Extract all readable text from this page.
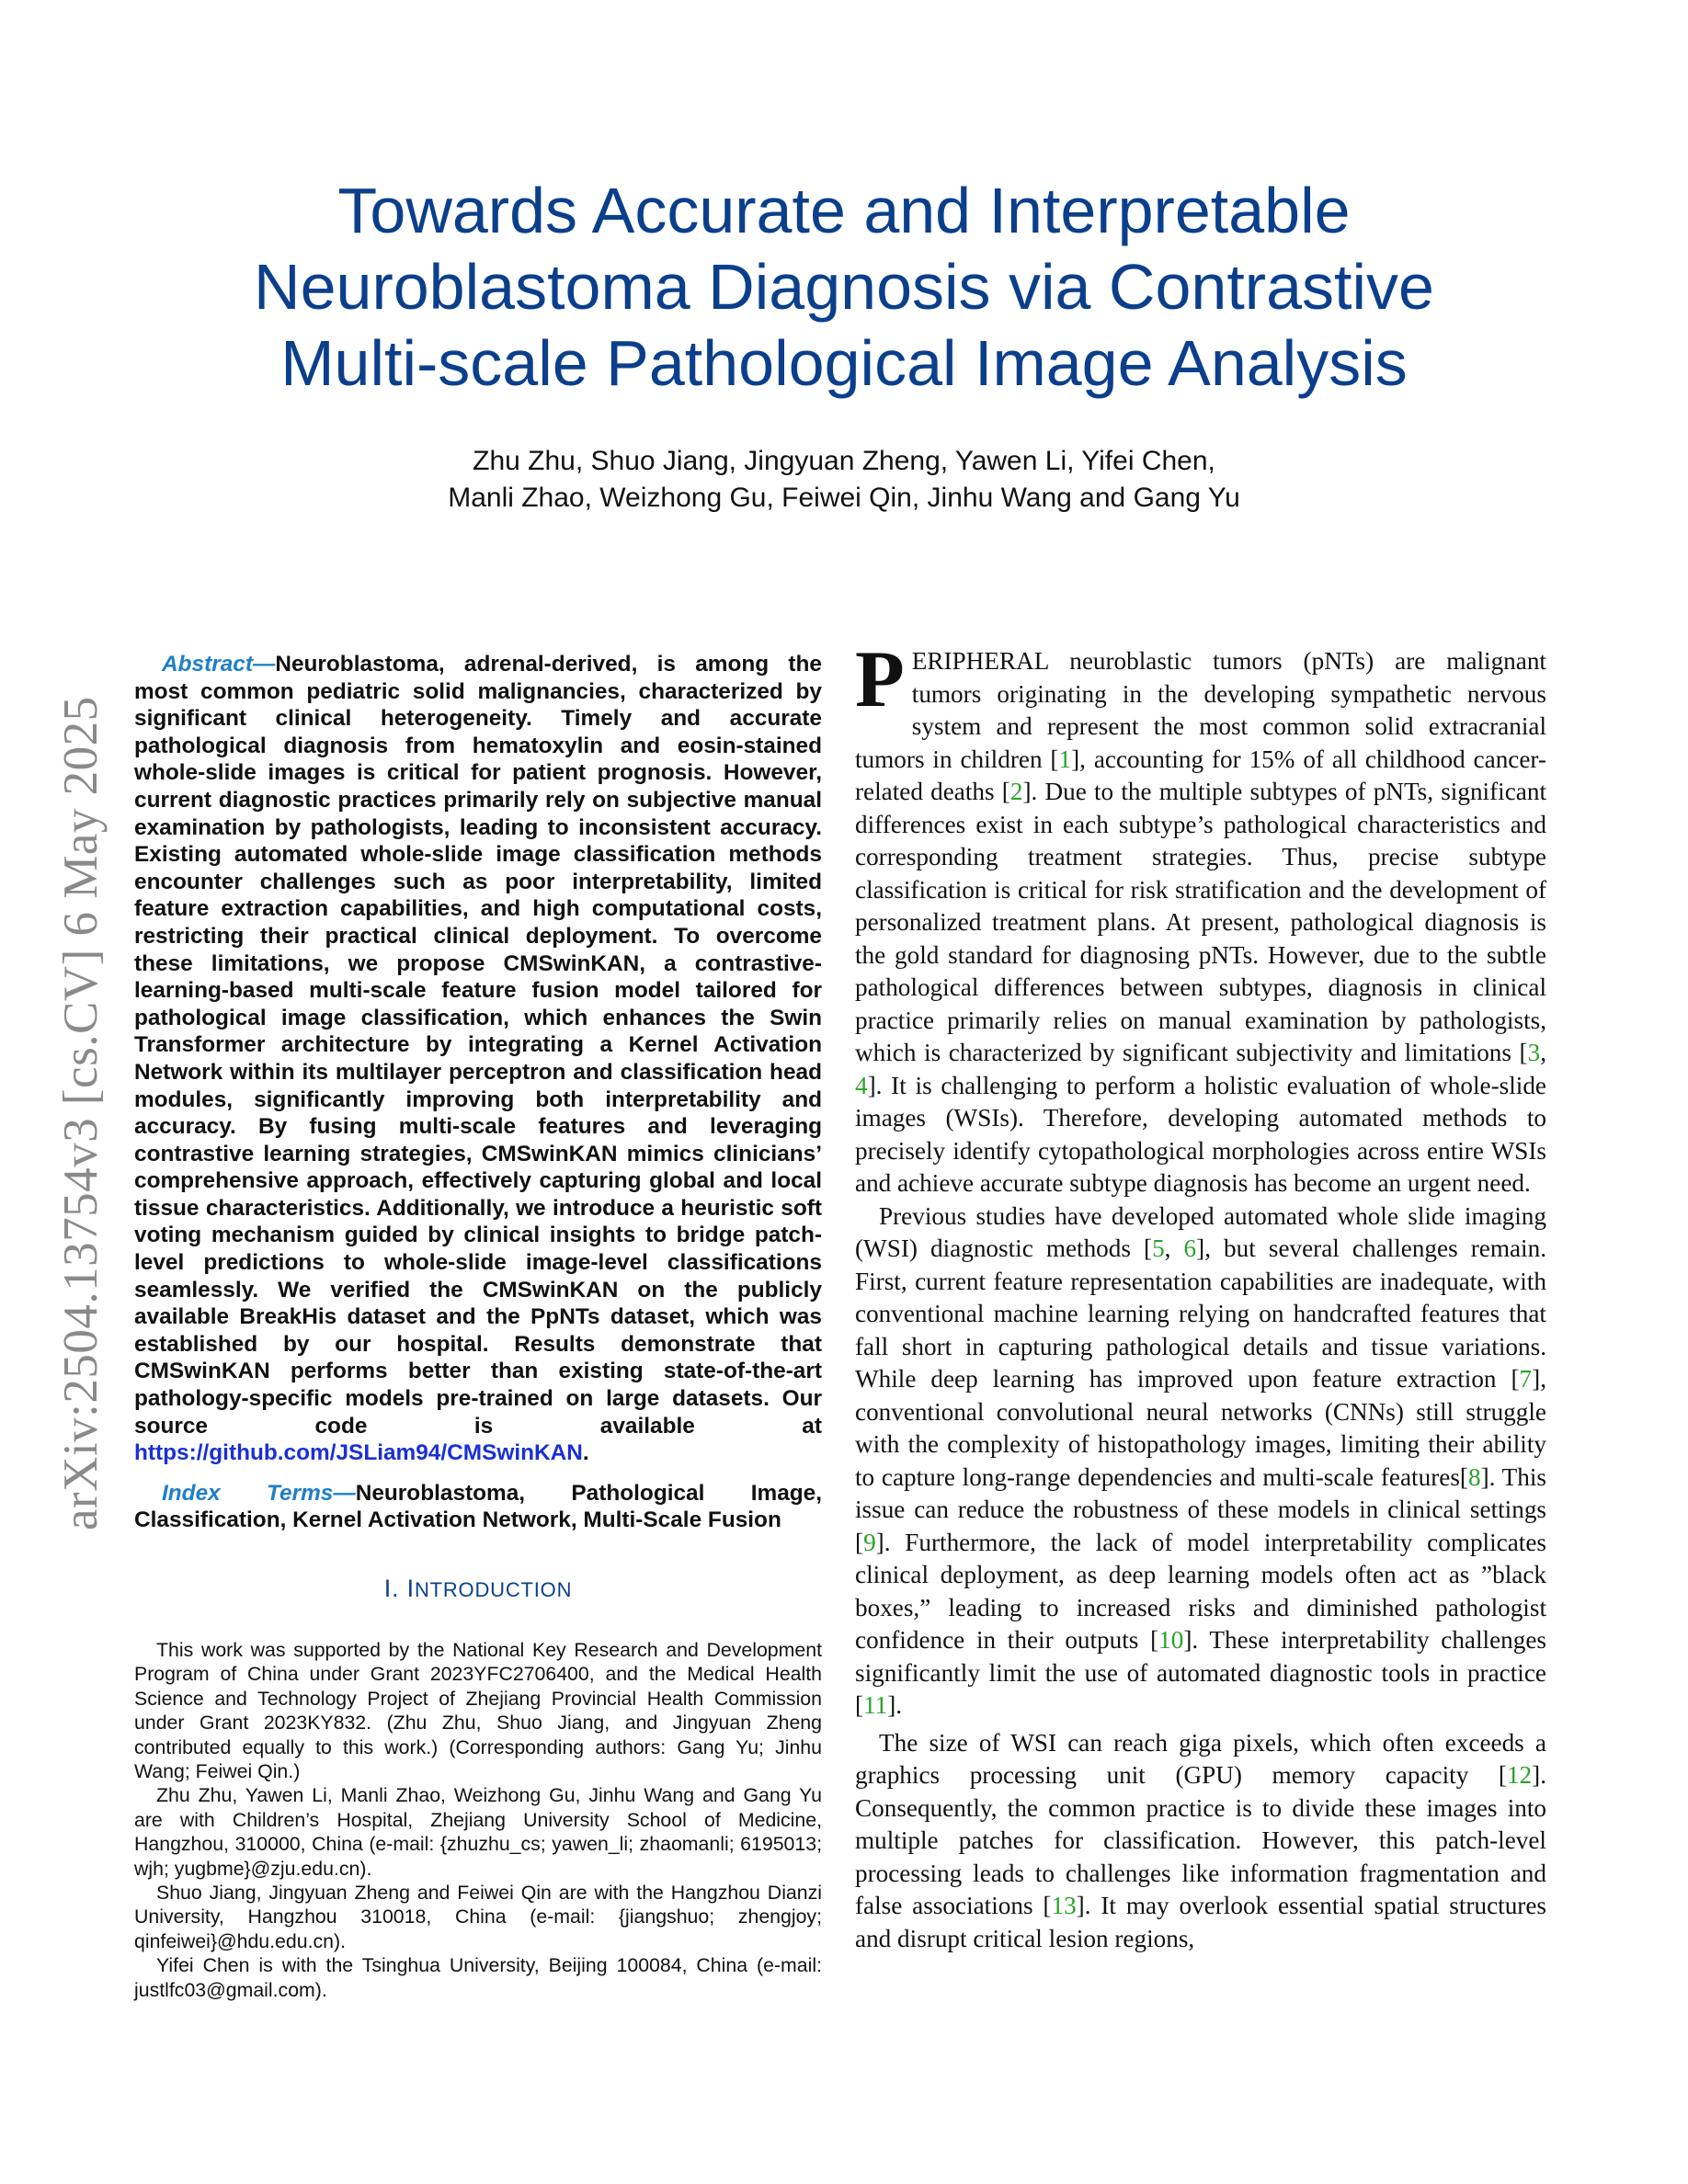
Towards Accurate and Interpretable
Neuroblastoma Diagnosis via Contrastive
Multi-scale Pathological Image Analysis
Zhu Zhu, Shuo Jiang, Jingyuan Zheng, Yawen Li, Yifei Chen,
Manli Zhao, Weizhong Gu, Feiwei Qin, Jinhu Wang and Gang Yu
arXiv:2504.13754v3 [cs.CV] 6 May 2025
Abstract—Neuroblastoma, adrenal-derived, is among the most common pediatric solid malignancies, characterized by significant clinical heterogeneity. Timely and accurate pathological diagnosis from hematoxylin and eosin-stained whole-slide images is critical for patient prognosis. However, current diagnostic practices primarily rely on subjective manual examination by pathologists, leading to inconsistent accuracy. Existing automated whole-slide image classification methods encounter challenges such as poor interpretability, limited feature extraction capabilities, and high computational costs, restricting their practical clinical deployment. To overcome these limitations, we propose CMSwinKAN, a contrastive-learning-based multi-scale feature fusion model tailored for pathological image classification, which enhances the Swin Transformer architecture by integrating a Kernel Activation Network within its multilayer perceptron and classification head modules, significantly improving both interpretability and accuracy. By fusing multi-scale features and leveraging contrastive learning strategies, CMSwinKAN mimics clinicians’ comprehensive approach, effectively capturing global and local tissue characteristics. Additionally, we introduce a heuristic soft voting mechanism guided by clinical insights to bridge patch-level predictions to whole-slide image-level classifications seamlessly. We verified the CMSwinKAN on the publicly available BreakHis dataset and the PpNTs dataset, which was established by our hospital. Results demonstrate that CMSwinKAN performs better than existing state-of-the-art pathology-specific models pre-trained on large datasets. Our source code is available at https://github.com/JSLiam94/CMSwinKAN.
Index Terms—Neuroblastoma, Pathological Image, Classification, Kernel Activation Network, Multi-Scale Fusion
I. INTRODUCTION

This work was supported by the National Key Research and Development Program of China under Grant 2023YFC2706400, and the Medical Health Science and Technology Project of Zhejiang Provincial Health Commission under Grant 2023KY832. (Zhu Zhu, Shuo Jiang, and Jingyuan Zheng contributed equally to this work.) (Corresponding authors: Gang Yu; Jinhu Wang; Feiwei Qin.)

Zhu Zhu, Yawen Li, Manli Zhao, Weizhong Gu, Jinhu Wang and Gang Yu are with Children’s Hospital, Zhejiang University School of Medicine, Hangzhou, 310000, China (e-mail: {zhuzhu_cs; yawen_li; zhaomanli; 6195013; wjh; yugbme}@zju.edu.cn).

Shuo Jiang, Jingyuan Zheng and Feiwei Qin are with the Hangzhou Dianzi University, Hangzhou 310018, China (e-mail: {jiangshuo; zhengjoy; qinfeiwei}@hdu.edu.cn).

Yifei Chen is with the Tsinghua University, Beijing 100084, China (e-mail: justlfc03@gmail.com).

PERIPHERAL neuroblastic tumors (pNTs) are malignant tumors originating in the developing sympathetic nervous system and represent the most common solid extracranial tumors in children [1], accounting for 15% of all childhood cancer-related deaths [2]. Due to the multiple subtypes of pNTs, significant differences exist in each subtype’s pathological characteristics and corresponding treatment strategies. Thus, precise subtype classification is critical for risk stratification and the development of personalized treatment plans. At present, pathological diagnosis is the gold standard for diagnosing pNTs. However, due to the subtle pathological differences between subtypes, diagnosis in clinical practice primarily relies on manual examination by pathologists, which is characterized by significant subjectivity and limitations [3, 4]. It is challenging to perform a holistic evaluation of whole-slide images (WSIs). Therefore, developing automated methods to precisely identify cytopathological morphologies across entire WSIs and achieve accurate subtype diagnosis has become an urgent need.

Previous studies have developed automated whole slide imaging (WSI) diagnostic methods [5, 6], but several challenges remain. First, current feature representation capabilities are inadequate, with conventional machine learning relying on handcrafted features that fall short in capturing pathological details and tissue variations. While deep learning has improved upon feature extraction [7], conventional convolutional neural networks (CNNs) still struggle with the complexity of histopathology images, limiting their ability to capture long-range dependencies and multi-scale features[8]. This issue can reduce the robustness of these models in clinical settings [9]. Furthermore, the lack of model interpretability complicates clinical deployment, as deep learning models often act as ”black boxes,” leading to increased risks and diminished pathologist confidence in their outputs [10]. These interpretability challenges significantly limit the use of automated diagnostic tools in practice [11].

The size of WSI can reach giga pixels, which often exceeds a graphics processing unit (GPU) memory capacity [12]. Consequently, the common practice is to divide these images into multiple patches for classification. However, this patch-level processing leads to challenges like information fragmentation and false associations [13]. It may overlook essential spatial structures and disrupt critical lesion regions,
